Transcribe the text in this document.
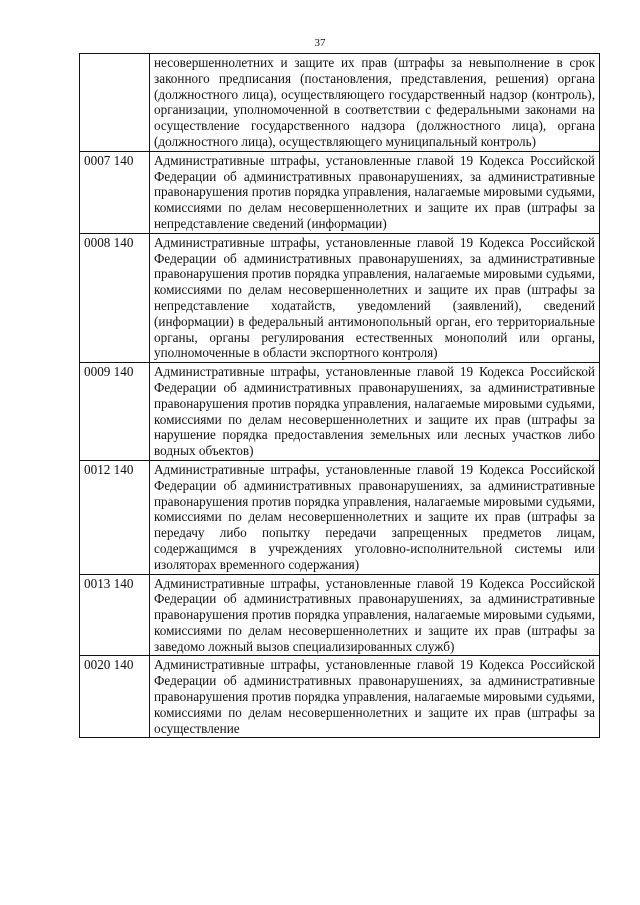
37
	несовершеннолетних и защите их прав (штрафы за невыполнение в срок законного предписания (постановления, представления, решения) органа (должностного лица), осуществляющего государственный надзор (контроль), организации, уполномоченной в соответствии с федеральными законами на осуществление государственного надзора (должностного лица), органа (должностного лица), осуществляющего муниципальный контроль)
0007 140	Административные штрафы, установленные главой 19 Кодекса Российской Федерации об административных правонарушениях, за административные правонарушения против порядка управления, налагаемые мировыми судьями, комиссиями по делам несовершеннолетних и защите их прав (штрафы за непредставление сведений (информации)
0008 140	Административные штрафы, установленные главой 19 Кодекса Российской Федерации об административных правонарушениях, за административные правонарушения против порядка управления, налагаемые мировыми судьями, комиссиями по делам несовершеннолетних и защите их прав (штрафы за непредставление ходатайств, уведомлений (заявлений), сведений (информации) в федеральный антимонопольный орган, его территориальные органы, органы регулирования естественных монополий или органы, уполномоченные в области экспортного контроля)
0009 140	Административные штрафы, установленные главой 19 Кодекса Российской Федерации об административных правонарушениях, за административные правонарушения против порядка управления, налагаемые мировыми судьями, комиссиями по делам несовершеннолетних и защите их прав (штрафы за нарушение порядка предоставления земельных или лесных участков либо водных объектов)
0012 140	Административные штрафы, установленные главой 19 Кодекса Российской Федерации об административных правонарушениях, за административные правонарушения против порядка управления, налагаемые мировыми судьями, комиссиями по делам несовершеннолетних и защите их прав (штрафы за передачу либо попытку передачи запрещенных предметов лицам, содержащимся в учреждениях уголовно-исполнительной системы или изоляторах временного содержания)
0013 140	Административные штрафы, установленные главой 19 Кодекса Российской Федерации об административных правонарушениях, за административные правонарушения против порядка управления, налагаемые мировыми судьями, комиссиями по делам несовершеннолетних и защите их прав (штрафы за заведомо ложный вызов специализированных служб)
0020 140	Административные штрафы, установленные главой 19 Кодекса Российской Федерации об административных правонарушениях, за административные правонарушения против порядка управления, налагаемые мировыми судьями, комиссиями по делам несовершеннолетних и защите их прав (штрафы за осуществление
